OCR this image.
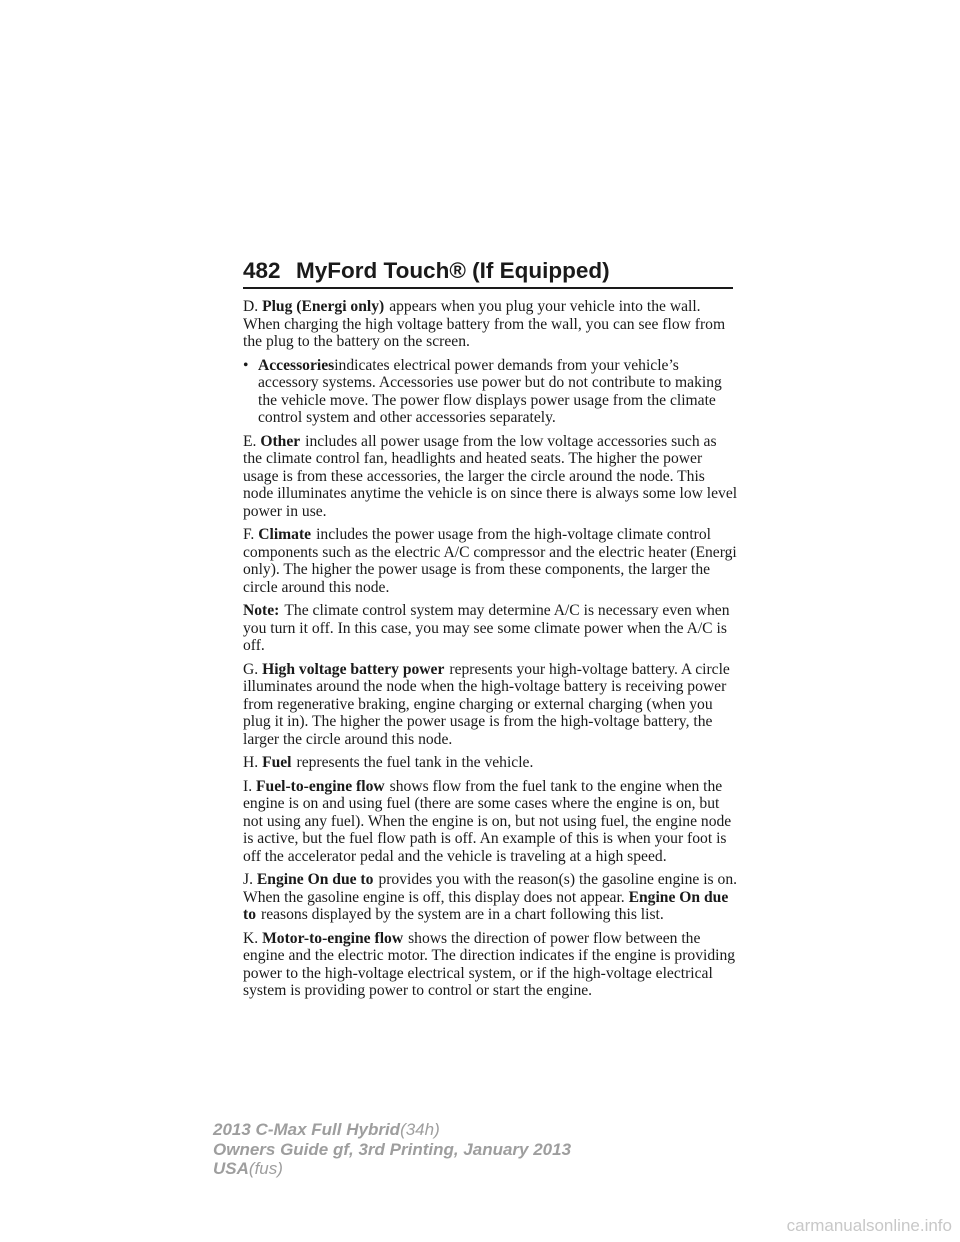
482 MyFord Touch® (If Equipped)

D. Plug (Energi only) appears when you plug your vehicle into the wall. When charging the high voltage battery from the wall, you can see flow from the plug to the battery on the screen.

• Accessoriesindicates electrical power demands from your vehicle’s accessory systems. Accessories use power but do not contribute to making the vehicle move. The power flow displays power usage from the climate control system and other accessories separately.

E. Other includes all power usage from the low voltage accessories such as the climate control fan, headlights and heated seats. The higher the power usage is from these accessories, the larger the circle around the node. This node illuminates anytime the vehicle is on since there is always some low level power in use.

F. Climate includes the power usage from the high-voltage climate control components such as the electric A/C compressor and the electric heater (Energi only). The higher the power usage is from these components, the larger the circle around this node.

Note: The climate control system may determine A/C is necessary even when you turn it off. In this case, you may see some climate power when the A/C is off.

G. High voltage battery power represents your high-voltage battery. A circle illuminates around the node when the high-voltage battery is receiving power from regenerative braking, engine charging or external charging (when you plug it in). The higher the power usage is from the high-voltage battery, the larger the circle around this node.

H. Fuel represents the fuel tank in the vehicle.

I. Fuel-to-engine flow shows flow from the fuel tank to the engine when the engine is on and using fuel (there are some cases where the engine is on, but not using any fuel). When the engine is on, but not using fuel, the engine node is active, but the fuel flow path is off. An example of this is when your foot is off the accelerator pedal and the vehicle is traveling at a high speed.

J. Engine On due to provides you with the reason(s) the gasoline engine is on. When the gasoline engine is off, this display does not appear. Engine On due to reasons displayed by the system are in a chart following this list.

K. Motor-to-engine flow shows the direction of power flow between the engine and the electric motor. The direction indicates if the engine is providing power to the high-voltage electrical system, or if the high-voltage electrical system is providing power to control or start the engine.

2013 C-Max Full Hybrid(34h)
Owners Guide gf, 3rd Printing, January 2013
USA(fus)
carmanualsonline.info
